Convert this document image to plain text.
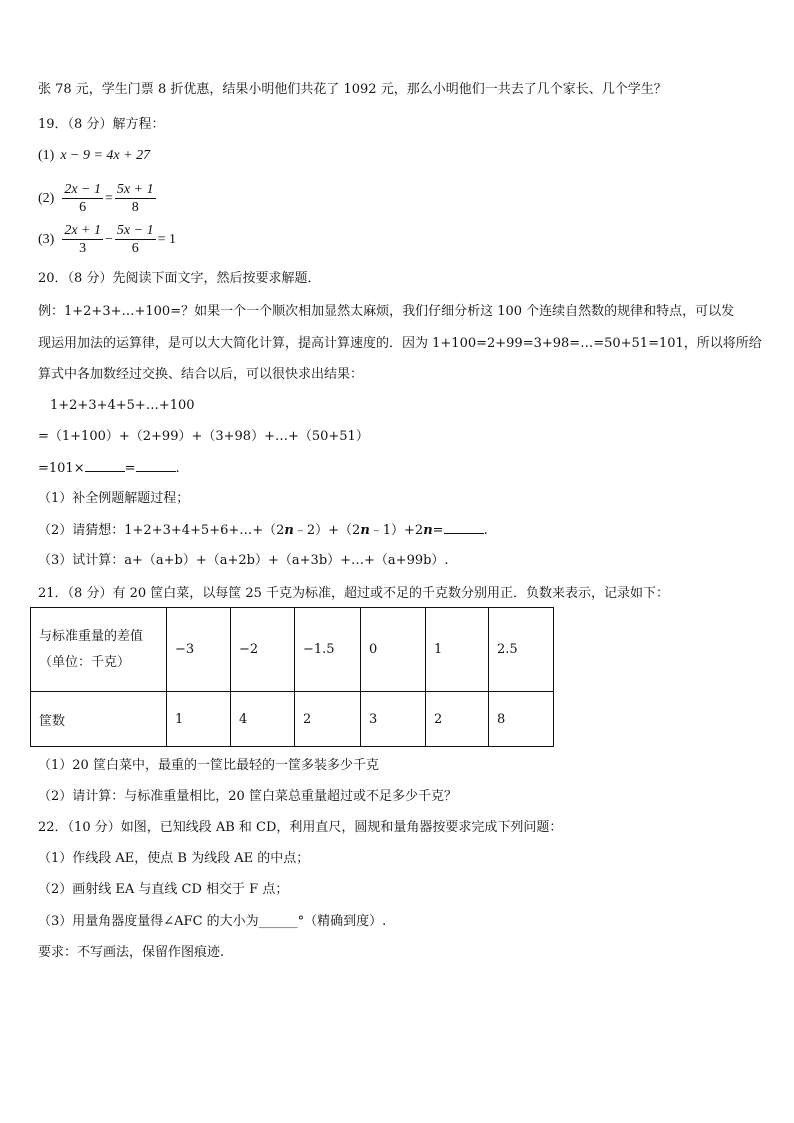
张 78 元，学生门票 8 折优惠，结果小明他们共花了 1092 元，那么小明他们一共去了几个家长、几个学生？
19．（8 分）解方程：
(1) x − 9 = 4x + 27
$(2) \frac{2x - 1}{6} = \frac{5x + 1}{8}$
$(3) \frac{2x + 1}{3} - \frac{5x - 1}{6} = 1$
20．（8 分）先阅读下面文字，然后按要求解题．
例：1+2+3+…+100=？如果一个一个顺次相加显然太麻烦，我们仔细分析这 100 个连续自然数的规律和特点，可以发
现运用加法的运算律，是可以大大简化计算，提高计算速度的．因为 1+100=2+99=3+98=…=50+51=101，所以将所给
算式中各加数经过交换、结合以后，可以很快求出结果：
1+2+3+4+5+…+100
=（1+100）+（2+99）+（3+98）+…+（50+51）
=101×	=	.
（1）补全例题解题过程；
（2）请猜想：1+2+3+4+5+6+…+（2n﹣2）+（2n﹣1）+2n=	.
（3）试计算：a+（a+b）+（a+2b）+（a+3b）+…+（a+99b）.
21．（8 分）有 20 筐白菜，以每筐 25 千克为标准，超过或不足的千克数分别用正．负数来表示，记录如下：
与标准重量的差值
（单位：千克）	−3	−2	−1.5	0	1	2.5
筐数	1	4	2	3	2	8
（1）20 筐白菜中，最重的一筐比最轻的一筐多装多少千克
（2）请计算：与标准重量相比，20 筐白菜总重量超过或不足多少千克？
22．（10 分）如图，已知线段 AB 和 CD，利用直尺，圆规和量角器按要求完成下列问题：
（1）作线段 AE，使点 B 为线段 AE 的中点；
（2）画射线 EA 与直线 CD 相交于 F 点；
（3）用量角器度量得∠AFC 的大小为______°（精确到度）.
要求：不写画法，保留作图痕迹.
